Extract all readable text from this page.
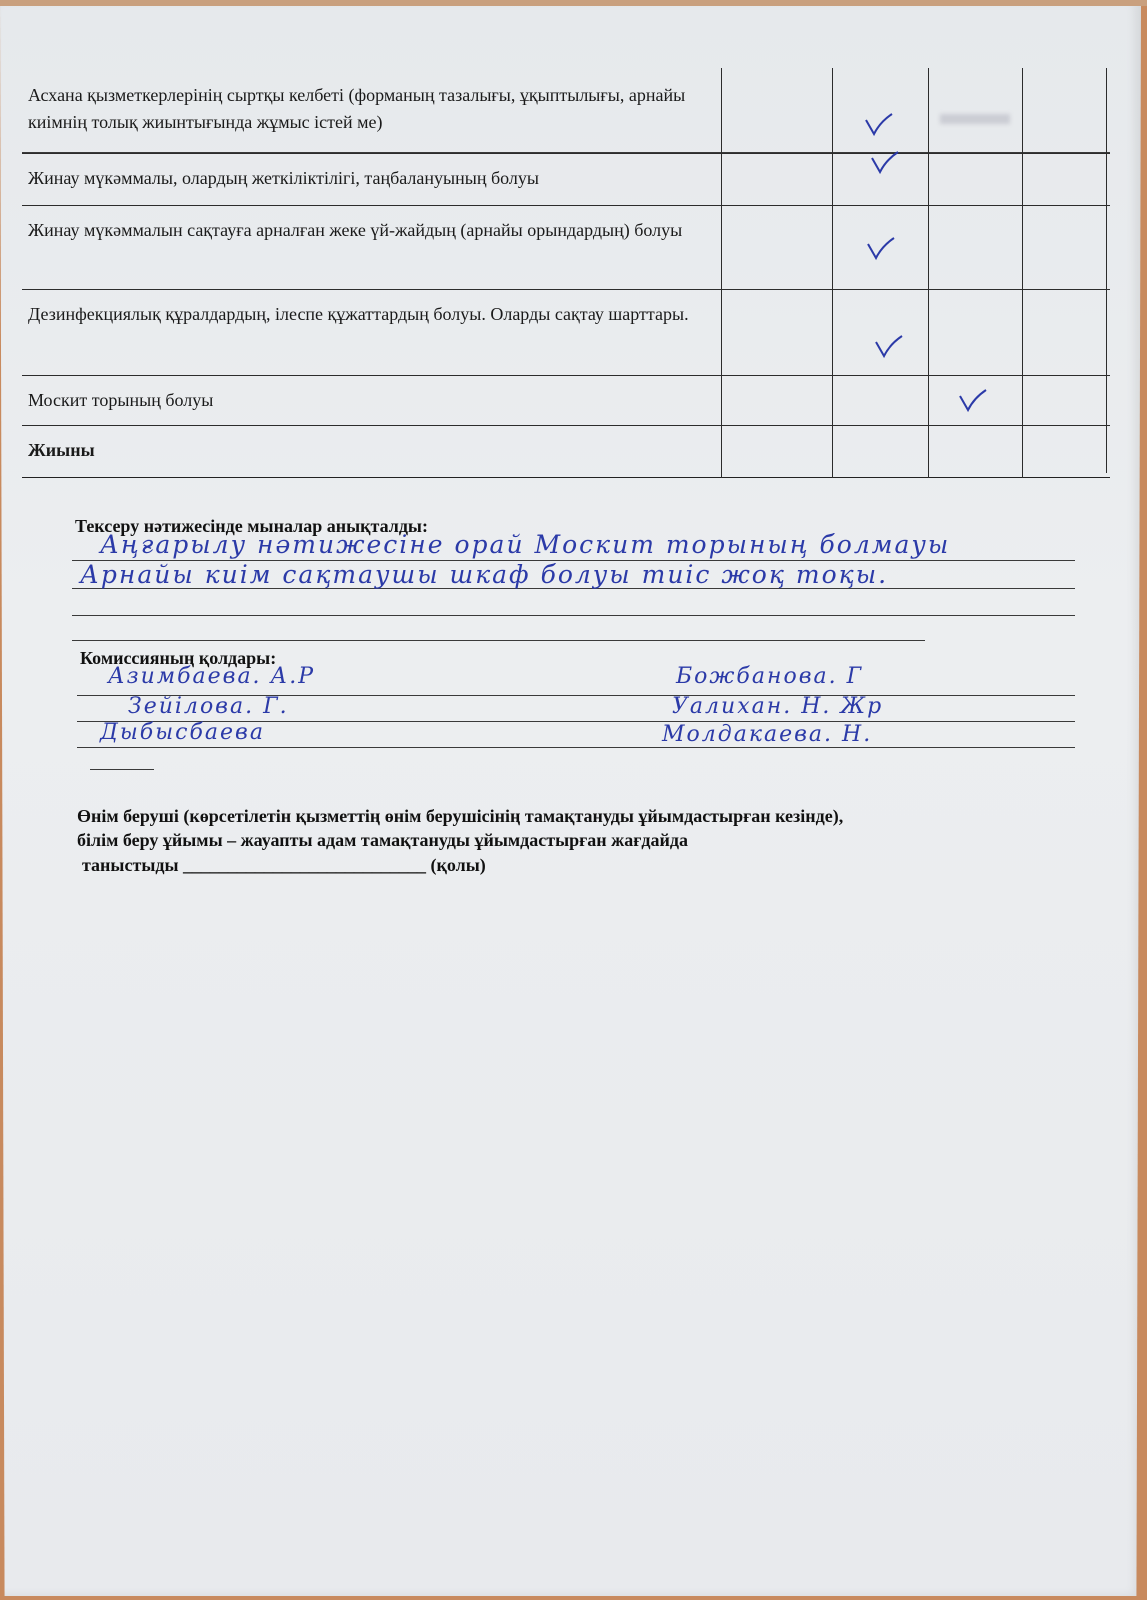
Асхана қызметкерлерінің сыртқы келбеті (форманың тазалығы, ұқыптылығы, арнайы киімнің толық жиынтығында жұмыс істей ме)
Жинау мүкәммалы, олардың жеткіліктілігі, таңбалануының болуы
Жинау мүкәммалын сақтауға арналған жеке үй-жайдың (арнайы орындардың) болуы
Дезинфекциялық құралдардың, ілеспе құжаттардың болуы. Оларды сақтау шарттары.
Москит торының болуы
Жиыны
Тексеру нәтижесінде мыналар анықталды:
Аңғарылу нәтижесіне орай Москит торының болмауы
Арнайы киім сақтаушы шкаф болуы тиіс жоқ тоқы.
Комиссияның қолдары:
Азимбаева. А.Р
Зейілова. Г.
Дыбысбаева
Божбанова. Г
Уалихан. Н. Жр
Молдакаева. Н.
Өнім беруші (көрсетілетін қызметтің өнім берушісінің тамақтануды ұйымдастырған кезінде),
білім беру ұйымы – жауапты адам тамақтануды ұйымдастырған жағдайда
таныстыды ___________________________ (қолы)
